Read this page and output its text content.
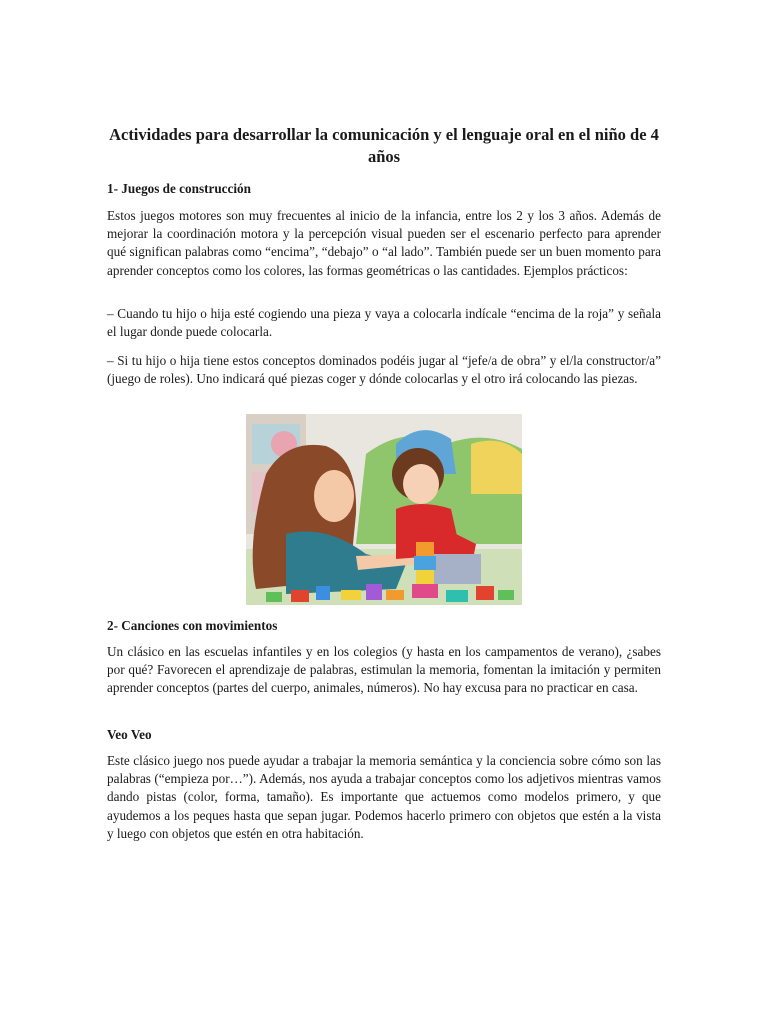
Actividades para desarrollar la comunicación y el lenguaje oral en el niño de 4 años
1- Juegos de construcción

Estos juegos motores son muy frecuentes al inicio de la infancia, entre los 2 y los 3 años. Además de mejorar la coordinación motora y la percepción visual pueden ser el escenario perfecto para aprender qué significan palabras como “encima”, “debajo” o “al lado”. También puede ser un buen momento para aprender conceptos como los colores, las formas geométricas o las cantidades. Ejemplos prácticos:

– Cuando tu hijo o hija esté cogiendo una pieza y vaya a colocarla indícale “encima de la roja” y señala el lugar donde puede colocarla.

– Si tu hijo o hija tiene estos conceptos dominados podéis jugar al “jefe/a de obra” y el/la constructor/a” (juego de roles). Uno indicará qué piezas coger y dónde colocarlas y el otro irá colocando las piezas.

2- Canciones con movimientos

Un clásico en las escuelas infantiles y en los colegios (y hasta en los campamentos de verano), ¿sabes por qué? Favorecen el aprendizaje de palabras, estimulan la memoria, fomentan la imitación y permiten aprender conceptos (partes del cuerpo, animales, números). No hay excusa para no practicar en casa.

Veo Veo

Este clásico juego nos puede ayudar a trabajar la memoria semántica y la conciencia sobre cómo son las palabras (“empieza por…”). Además, nos ayuda a trabajar conceptos como los adjetivos mientras vamos dando pistas (color, forma, tamaño). Es importante que actuemos como modelos primero, y que ayudemos a los peques hasta que sepan jugar. Podemos hacerlo primero con objetos que estén a la vista y luego con objetos que estén en otra habitación.
